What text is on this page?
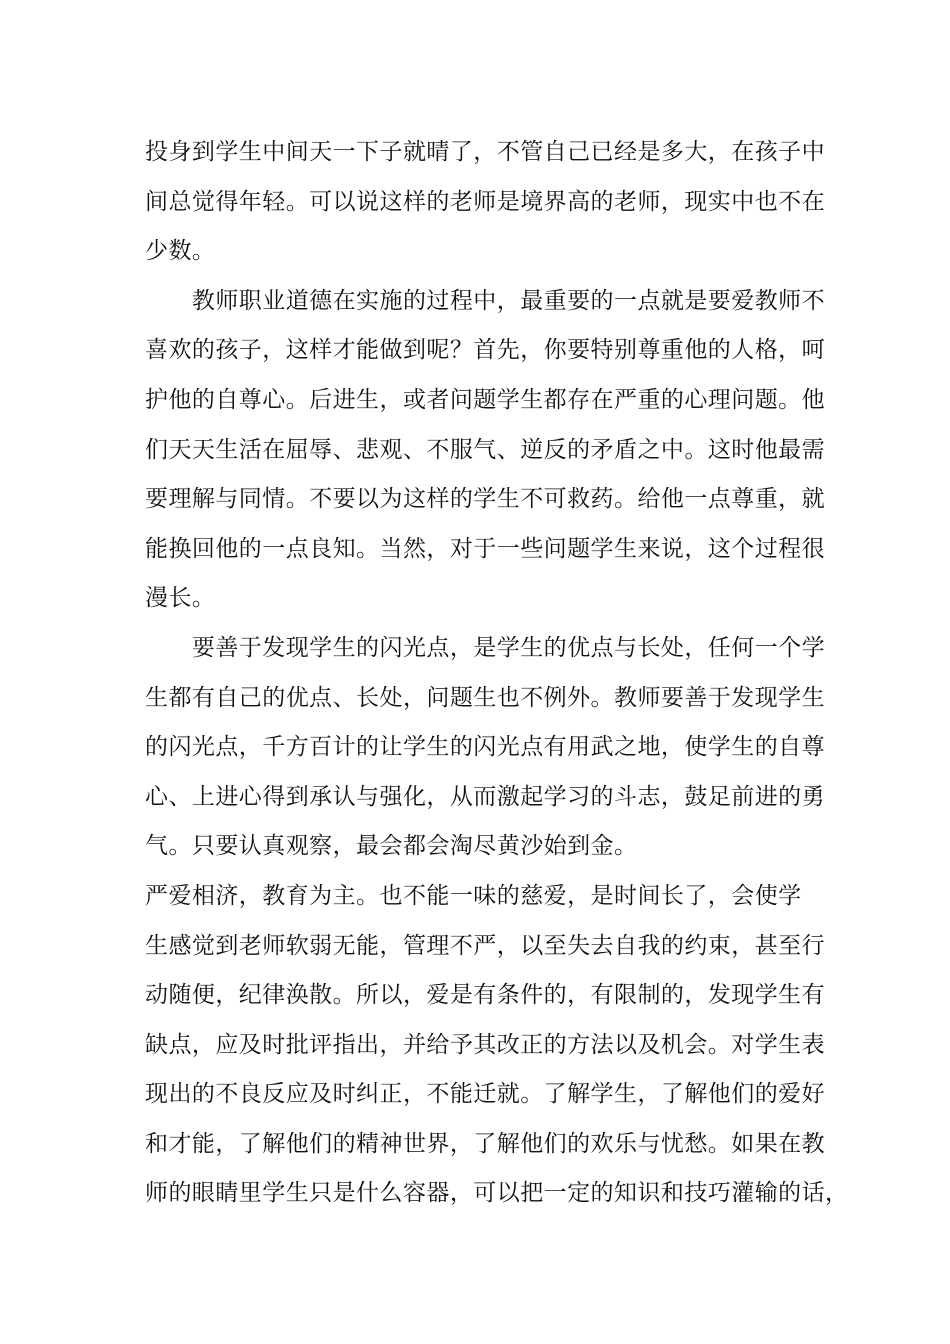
投身到学生中间天一下子就晴了，不管自己已经是多大，在孩子中
间总觉得年轻。可以说这样的老师是境界高的老师，现实中也不在
少数。
　　教师职业道德在实施的过程中，最重要的一点就是要爱教师不
喜欢的孩子，这样才能做到呢？首先，你要特别尊重他的人格，呵
护他的自尊心。后进生，或者问题学生都存在严重的心理问题。他
们天天生活在屈辱、悲观、不服气、逆反的矛盾之中。这时他最需
要理解与同情。不要以为这样的学生不可救药。给他一点尊重，就
能换回他的一点良知。当然，对于一些问题学生来说，这个过程很
漫长。
　　要善于发现学生的闪光点，是学生的优点与长处，任何一个学
生都有自己的优点、长处，问题生也不例外。教师要善于发现学生
的闪光点，千方百计的让学生的闪光点有用武之地，使学生的自尊
心、上进心得到承认与强化，从而激起学习的斗志，鼓足前进的勇
气。只要认真观察，最会都会淘尽黄沙始到金。
严爱相济，教育为主。也不能一味的慈爱，是时间长了，会使学
生感觉到老师软弱无能，管理不严，以至失去自我的约束，甚至行
动随便，纪律涣散。所以，爱是有条件的，有限制的，发现学生有
缺点，应及时批评指出，并给予其改正的方法以及机会。对学生表
现出的不良反应及时纠正，不能迁就。了解学生，了解他们的爱好
和才能，了解他们的精神世界，了解他们的欢乐与忧愁。如果在教
师的眼睛里学生只是什么容器，可以把一定的知识和技巧灌输的话，
